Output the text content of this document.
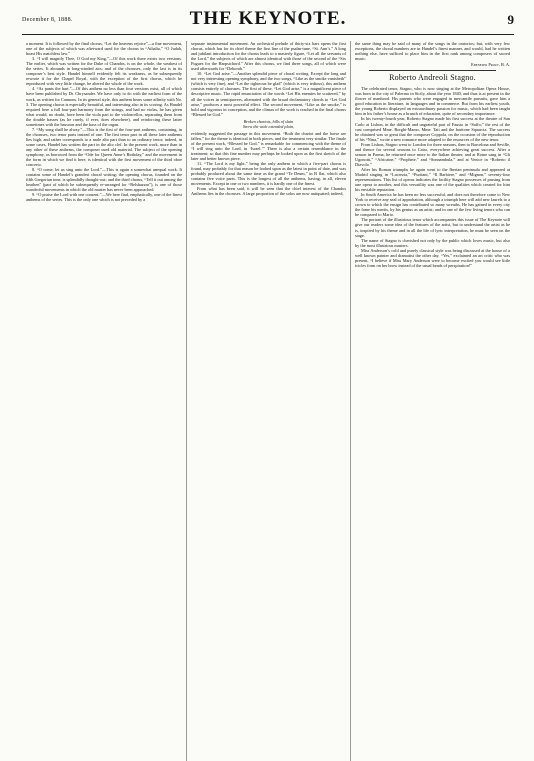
December 8, 1888.	THE KEYNOTE.	9

a moment. It is followed by the final chorus, “Let the heavens rejoice”—a fine movement, one of the subjects of which was afterward used for the chorus in “Athalia,” “O Judah, boast His matchless law.”

3. “I will magnify Thee, O God my King,”—Of this work there exists two versions. The earlier, which was written for the Duke of Chandos, is on the whole, the weakest of the series. It abounds in long-winded airs; and of the choruses, only the last is in its composer’s best style. Handel himself evidently felt its weakness, as he subsequently rewrote it for the Chapel Royal, with the exception of the first chorus, which he reproduced with very little change, he altered the whole of the work.

4. “As pants the hart.”—Of this anthem no less than four versions exist, all of which have been published by Dr. Chrysander. We have only to do with the earliest form of the work, as written for Cannons. In its general style, this anthem bears some affinity with No. 3. The opening chorus is especially beautiful, and interesting also in its scoring. As Handel required here a full four-part harmony from the strings, and had no violas, he has given what would, no doubt, have been the viola part to the violoncellos, separating them from the double basses (as he rarely, if ever, does elsewhere), and reinforcing these latter sometimes with the bassoon and the bass of the organ.

7. “My song shall be alway.”—This is the first of the four-part anthems, containing, in the choruses, two tenor parts instead of one. The first tenor part in all these later anthems lies high, and rather corresponds to a male alto part than to an ordinary tenor; indeed, in some cases, Handel has written the part in the alto clef. In the present work, more than in any other of these anthems, the composer used old material. The subject of the opening symphony, as borrowed from the “Ode for Queen Anne’s Birthday,” and the movement in the form in which we find it here, is identical with the first movement of the third oboe concerto.

8. “O come, let us sing unto the Lord.”—This is again a somewhat unequal work. It contains some of Handel’s grandest choral writing; the opening chorus, founded on the fifth Gregorian tone, is splendidly thought-out; and the third chorus, “Tell it out among the heathen” (part of which he subsequently re-arranged for “Belshazzar”), is one of those wonderful movements in which the old master has never been approached.

9. “O praise the Lord with one consent.”—We here find, emphatically, one of the finest anthems of the series. This is the only one which is not preceded by a

separate instrumental movement. An orchestral prelude of thirty-six bars opens the first chorus, which has for its chief theme the first line of the psalm-tune, “St. Ann’s.” A long and jubilant introduction for the chorus leads to a masterly figure, “Let all the servants of the Lord,” the subjects of which are almost identical with those of the second of the “Six Fugues for the Harpsichord.” After this chorus, we find three songs, all of which were used afterwards for “Deborah.”

10. “Let God arise.”—Another splendid piece of choral writing. Except the long and not very interesting opening symphony, and the two songs, “Like as the smoke vanisheth” (which is very fine), and “Let the righteous be glad” (which is very tedious), this anthem consists entirely of choruses. The first of these, “Let God arise,” is a magnificent piece of descriptive music. The rapid enunciation of the words “Let His enemies be scattered,” by all the voices in semiquavers, alternated with the broad declamatory chords to “Let God arise,” produces a most powerful effect. The second movement, “Like as the smoke,” is bold and vigorous in conception, and the climax of the work is reached in the final chorus “Blessed be God.”

Broken chariots, hills of slain
Strew the wide extended plain,

evidently suggested the passage in this movement. “Both the chariot and the horse are fallen,” for the theme is identical in both pieces, and the treatment very similar. The finale of the present work, “Blessed be God,” is remarkable for commencing with the theme of “I will sing unto the Lord, in ‘Israel.’” There is also a certain resemblance in the treatment; so that this fine number may perhaps be looked upon as the first sketch of the later and better known piece.

11. “The Lord is my light,” being the only anthem in which a five-part chorus is found, may probably for that reason be looked upon as the latest in point of date, and was probably produced about the same time as the grand “Te Deum,” in B flat, which also contains five voice parts. This is the longest of all the anthems, having, in all, eleven movements. Except in one or two numbers, it is hardly one of the finest.

From what has been said, it will be seen that the chief interest of the Chandos Anthems lies in the choruses. A large proportion of the solos are now antiquated; indeed,

the same thing may be said of many of the songs in the oratorios; but, with very few exceptions, the choral numbers are in Handel’s finest manner, and would, had he written nothing else, have sufficed to place him in the first rank among composers of sacred music.

Ebenezer Prout, B. A.
Roberto Andreoli Stagno.

The celebrated tenor, Stagno, who is now singing at the Metropolitan Opera House, was born in the city of Palermo in Sicily, about the year 1840, and thus is at present in the flower of manhood. His parents who were engaged in mercantile pursuits, gave him a good education in literature, in languages and in commerce. But from his earliest youth, the young Roberto displayed an extraordinary passion for music, which had been taught him in his father’s house as a branch of education, quite of secondary importance.

In his twenty-fourth year, Roberto Stagno made his first success at the theatre of San Carlo at Lisbon, in the difficult and ungrateful part of Fausto in “Saffo;” the rest of the cast comprised Mme. Borghi-Mamo, Mme. Tati and the baritone Squarcia. The success he obtained was so great that the composer Coppola, on the occasion of the reproduction of his “Nina,” wrote a new romance more adapted to the resources of the new tenor.

From Lisbon, Stagno went to London for three seasons, then to Barcelona and Seville, and thence for several seasons to Cairo, everywhere achieving great success. After a season in Parma, he returned once more to the Italian theater, and at Rome sang in “Gli Ugonotti,” “Africaine,” “Prophete,” and “Sonnambula,” and at Venice in “Roberto il Diavolo.”

After his Roman triumphs he again went to the Iberian peninsula and appeared at Madrid singing in “Lucrezia,” “Puritani,” “Il Barbiere,” and “Mignon,” seventy-four representations. This list of operas indicates the facility Stagno possesses of passing from one opera to another, and this versatility was one of the qualities which created for him his enviable reputation.

In South America he has been no less successful, and does not therefore come to New York to receive any seal of approbation, although a triumph here will add new laurels to a crown to which the ensign has contributed so many wreaths. He has gained in every city the fame his merits, by his genius as an artist; and in one of the few living tenors who can be compared to Mario.

The portrait of the illustrious tenor which accompanies this issue of The Keynote will give our readers some idea of the features of the artist, but to understand the artist as he is, inspired by his theme and in all the life of lyric interpretation, he must be seen on the stage.

The name of Stagno is cherished not only by the public which loves music, but also by the most illustrious masters.

Miss Anderson’s cold and purely classical style was being discussed at the house of a well known painter and dramatist the other day. “Yes,” exclaimed an art critic who was present, “I believe if Miss Mary Anderson were to become excited you would see little icicles form on her brow instead of the usual beads of perspiration!”
